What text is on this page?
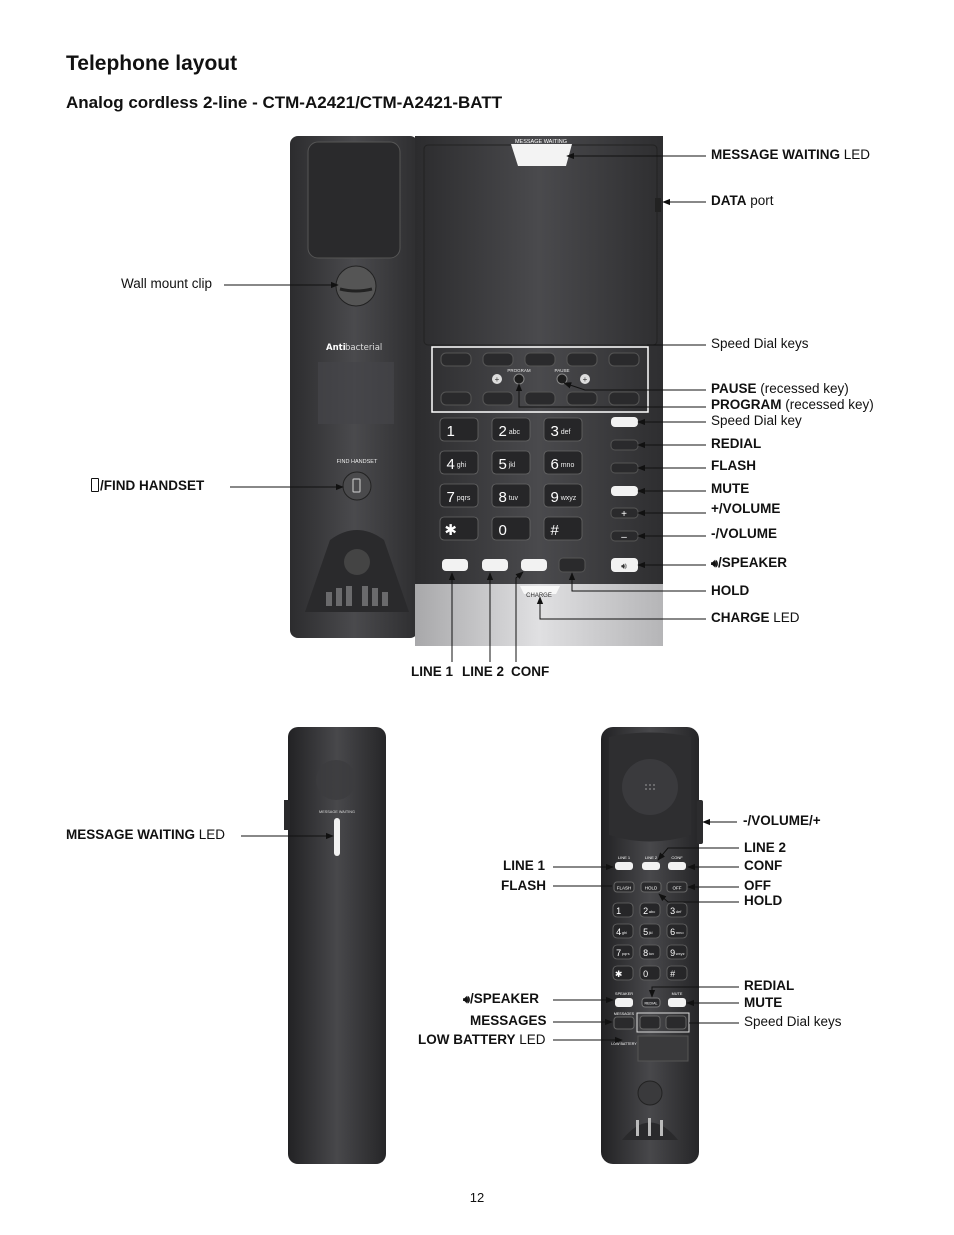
Telephone layout
Analog cordless 2-line - CTM-A2421/CTM-A2421-BATT
Anti bacterial
FIND HANDSET
MESSAGE WAITING
+
PROGRAM	PAUSE
+
1	2 abc 3 def
4 ghi 5 jkl 6 mno
7 pqrs 8 tuv 9 wxyz
✱	0	#
+
–
🔊︎
CHARGE
MESSAGE WAITING
LINE 1	LINE 2	CONF
FLASH	HOLD	OFF
1 2 abc 3 def
4 ghi 5 jkl 6 mno
7 pqrs 8 tuv 9 wxyz
✱ 0 #
SPEAKER	MUTE
REDIAL
MESSAGES
LOW BATTERY
MESSAGE WAITING LED
DATA port
Wall mount clip
Speed Dial keys
PAUSE (recessed key)
PROGRAM (recessed key)
Speed Dial key
REDIAL
FLASH
MUTE
+/VOLUME
-/VOLUME
🔊︎/SPEAKER
HOLD
CHARGE LED
/FIND HANDSET
LINE 1 LINE 2 CONF
MESSAGE WAITING LED
-/VOLUME/+
LINE 2
CONF
LINE 1
FLASH	OFF
HOLD
REDIAL
MUTE
🔊︎/SPEAKER
MESSAGES
LOW BATTERY LED
Speed Dial keys
12
